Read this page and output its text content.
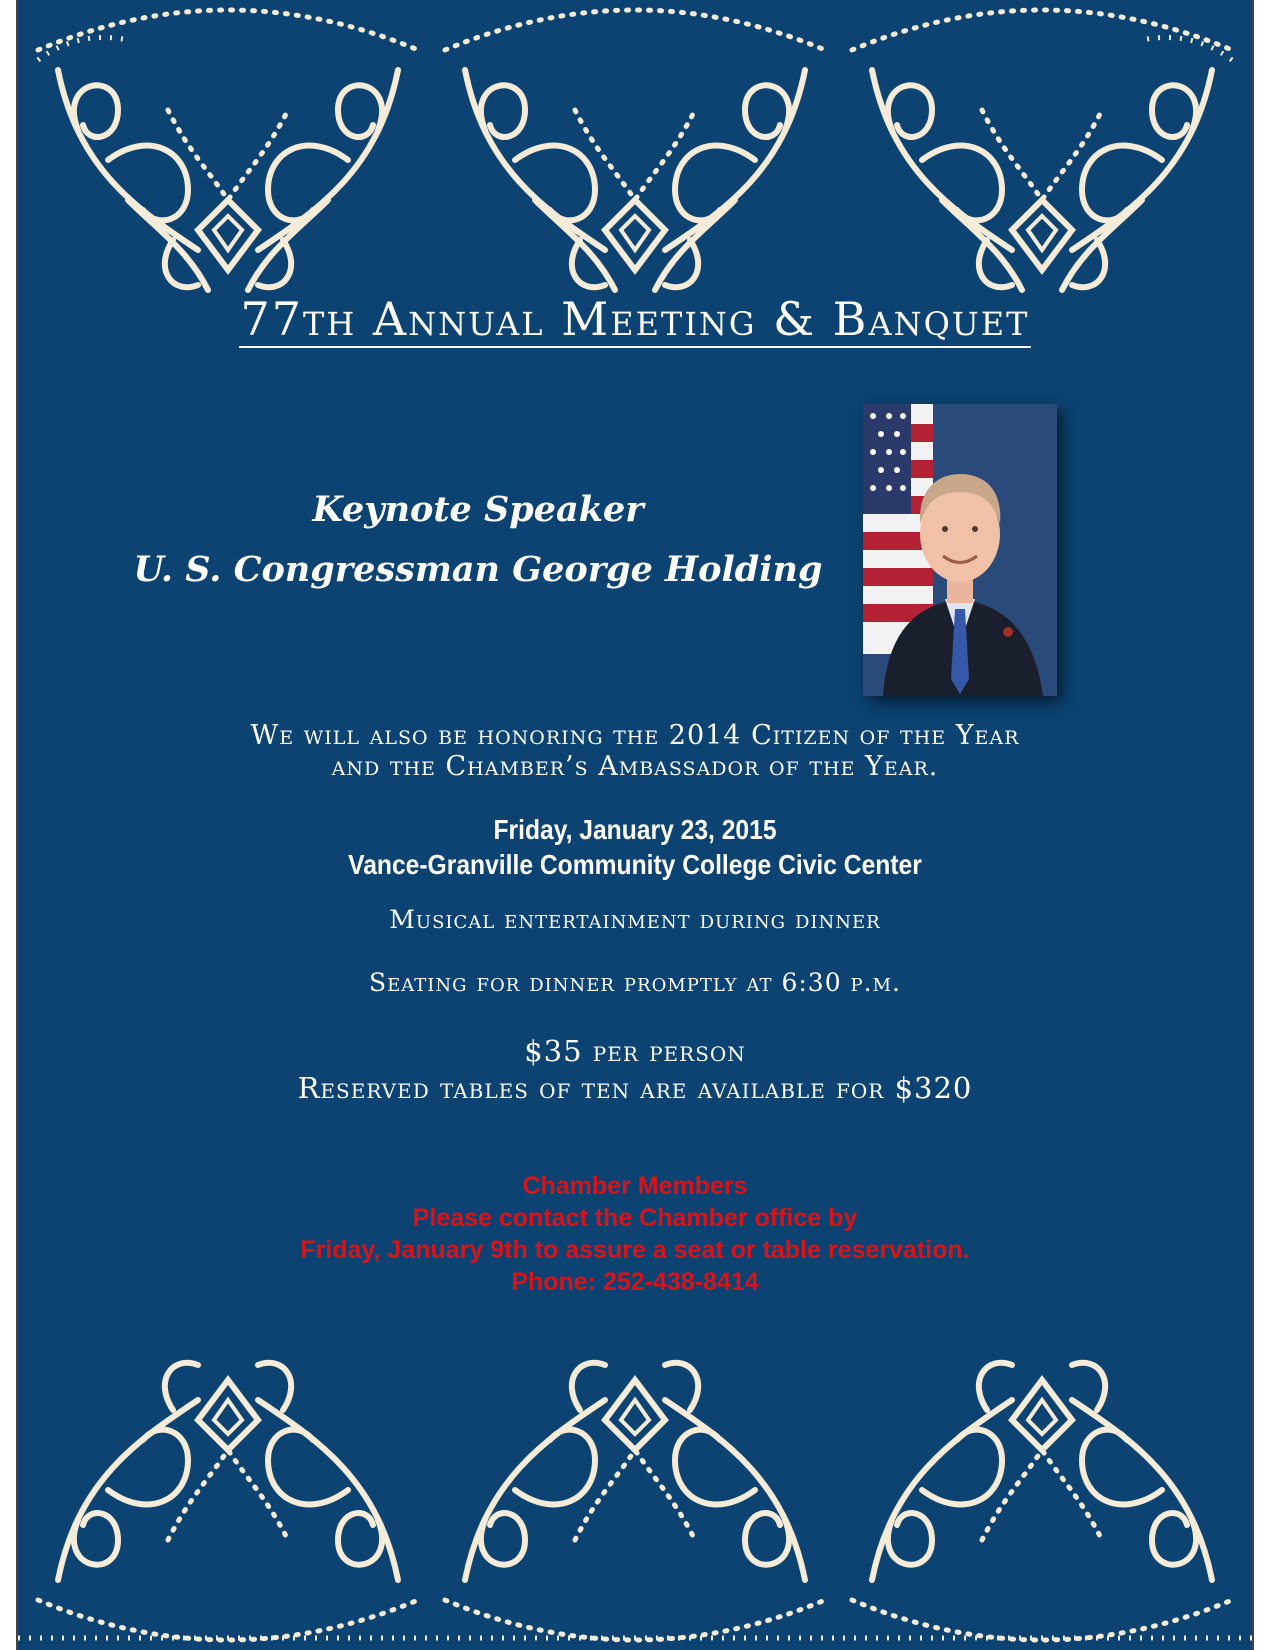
77th Annual Meeting & Banquet
Keynote Speaker
U. S. Congressman George Holding
We will also be honoring the 2014 Citizen of the Year
and the Chamber’s Ambassador of the Year.
Friday, January 23, 2015
Vance-Granville Community College Civic Center
Musical entertainment during dinner
Seating for dinner promptly at 6:30 p.m.
$35 per person
Reserved tables of ten are available for $320
Chamber Members
Please contact the Chamber office by
Friday, January 9th to assure a seat or table reservation.
Phone: 252-438-8414
